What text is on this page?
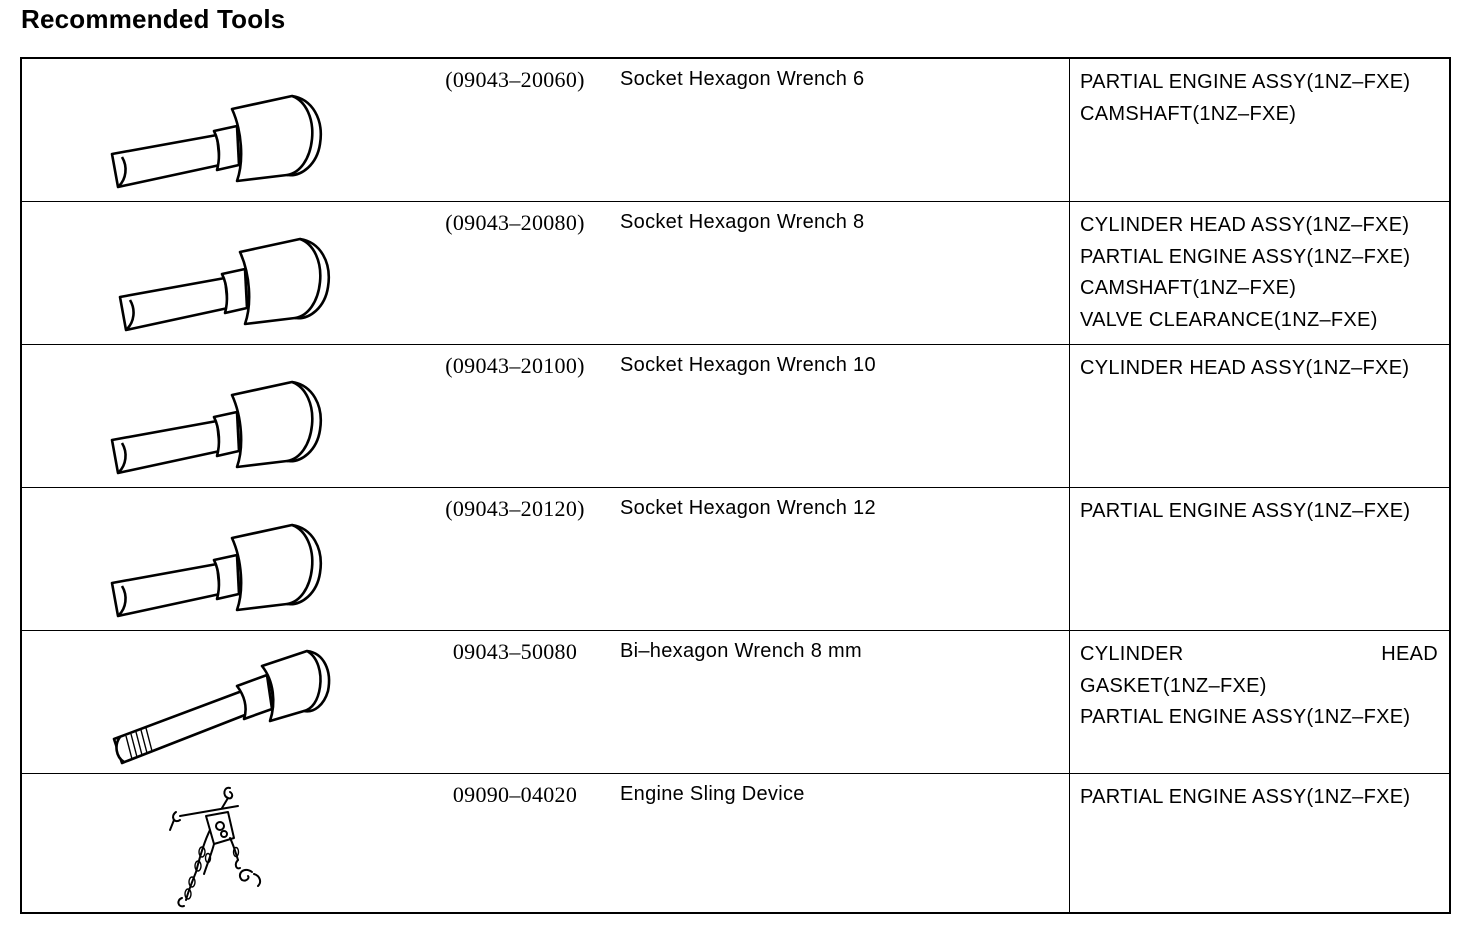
Recommended Tools
(09043–20060)	Socket Hexagon Wrench 6	PARTIAL ENGINE ASSY(1NZ–FXE)
CAMSHAFT(1NZ–FXE)
(09043–20080)	Socket Hexagon Wrench 8	CYLINDER HEAD ASSY(1NZ–FXE)
PARTIAL ENGINE ASSY(1NZ–FXE)
CAMSHAFT(1NZ–FXE)
VALVE CLEARANCE(1NZ–FXE)
(09043–20100)	Socket Hexagon Wrench 10	CYLINDER HEAD ASSY(1NZ–FXE)
(09043–20120)	Socket Hexagon Wrench 12	PARTIAL ENGINE ASSY(1NZ–FXE)
09043–50080	Bi–hexagon Wrench 8 mm	CYLINDER HEAD
GASKET(1NZ–FXE)
PARTIAL ENGINE ASSY(1NZ–FXE)
09090–04020	Engine Sling Device	PARTIAL ENGINE ASSY(1NZ–FXE)
